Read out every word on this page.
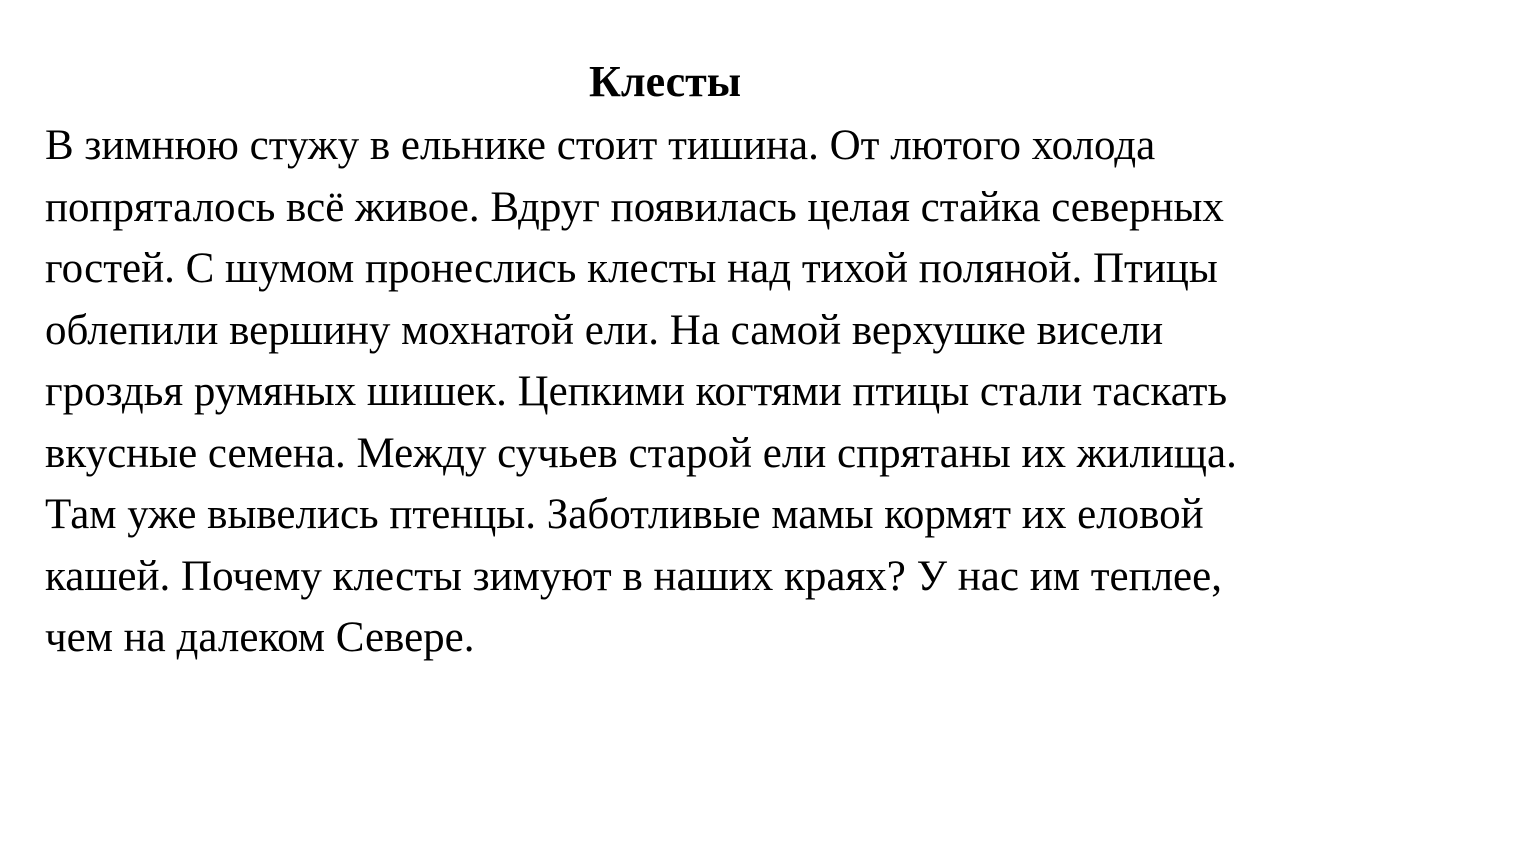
Клесты

В зимнюю стужу в ельнике стоит тишина. От лютого холода
попряталось всё живое. Вдруг появилась целая стайка северных
гостей. С шумом пронеслись клесты над тихой поляной. Птицы
облепили вершину мохнатой ели. На самой верхушке висели
гроздья румяных шишек. Цепкими когтями птицы стали таскать
вкусные семена. Между сучьев старой ели спрятаны их жилища.
Там уже вывелись птенцы. Заботливые мамы кормят их еловой
кашей. Почему клесты зимуют в наших краях? У нас им теплее,
чем на далеком Севере.
